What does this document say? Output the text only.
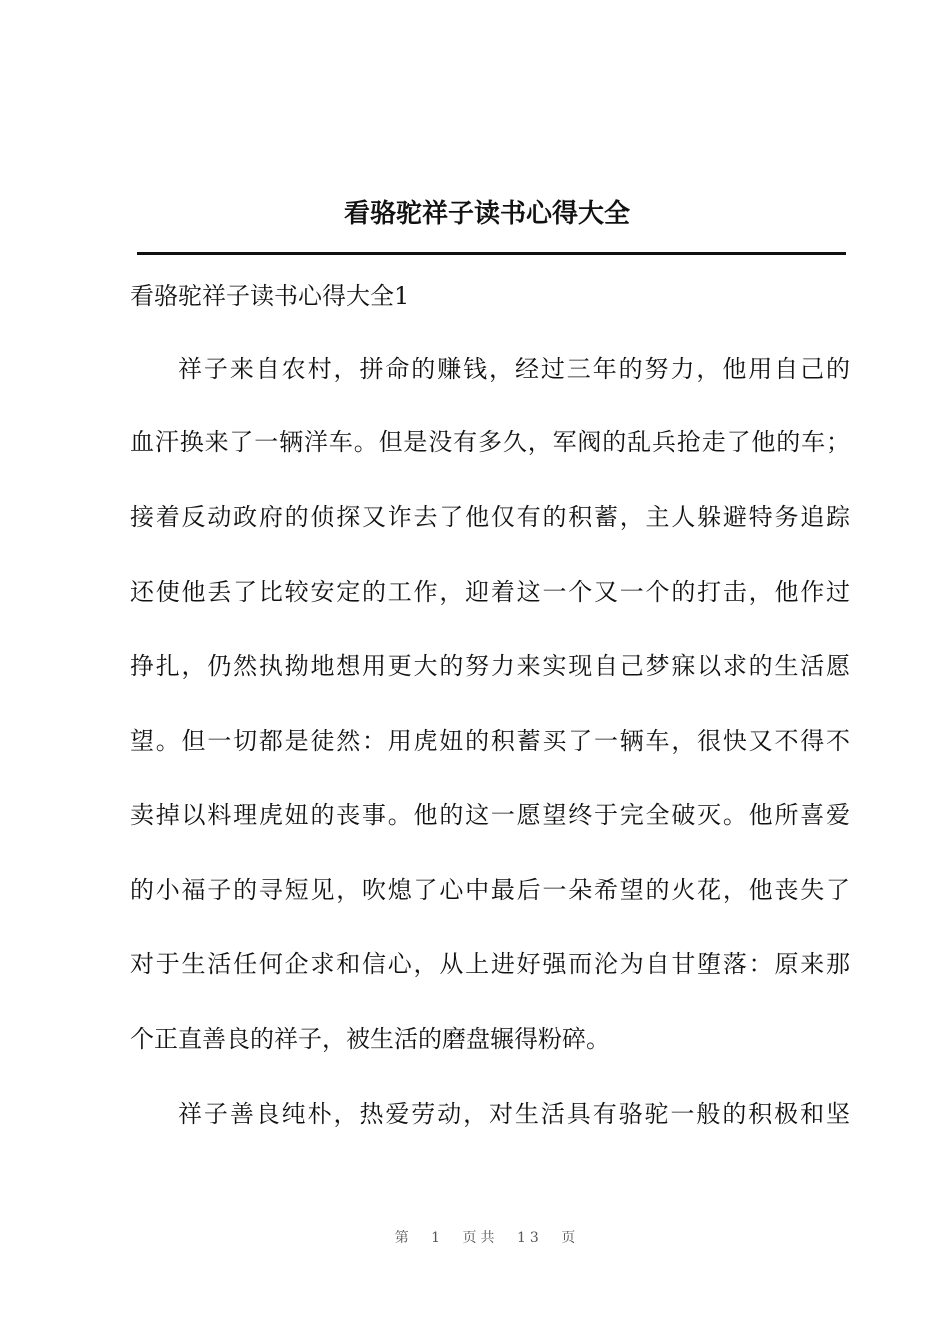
看骆驼祥子读书心得大全
看骆驼祥子读书心得大全1
祥子来自农村，拼命的赚钱，经过三年的努力，他用自己的
血汗换来了一辆洋车。但是没有多久，军阀的乱兵抢走了他的车；
接着反动政府的侦探又诈去了他仅有的积蓄，主人躲避特务追踪
还使他丢了比较安定的工作，迎着这一个又一个的打击，他作过
挣扎，仍然执拗地想用更大的努力来实现自己梦寐以求的生活愿
望。但一切都是徒然：用虎妞的积蓄买了一辆车，很快又不得不
卖掉以料理虎妞的丧事。他的这一愿望终于完全破灭。他所喜爱
的小福子的寻短见，吹熄了心中最后一朵希望的火花，他丧失了
对于生活任何企求和信心，从上进好强而沦为自甘堕落：原来那
个正直善良的祥子，被生活的磨盘辗得粉碎。
祥子善良纯朴，热爱劳动，对生活具有骆驼一般的积极和坚
第 1 页共 13 页
